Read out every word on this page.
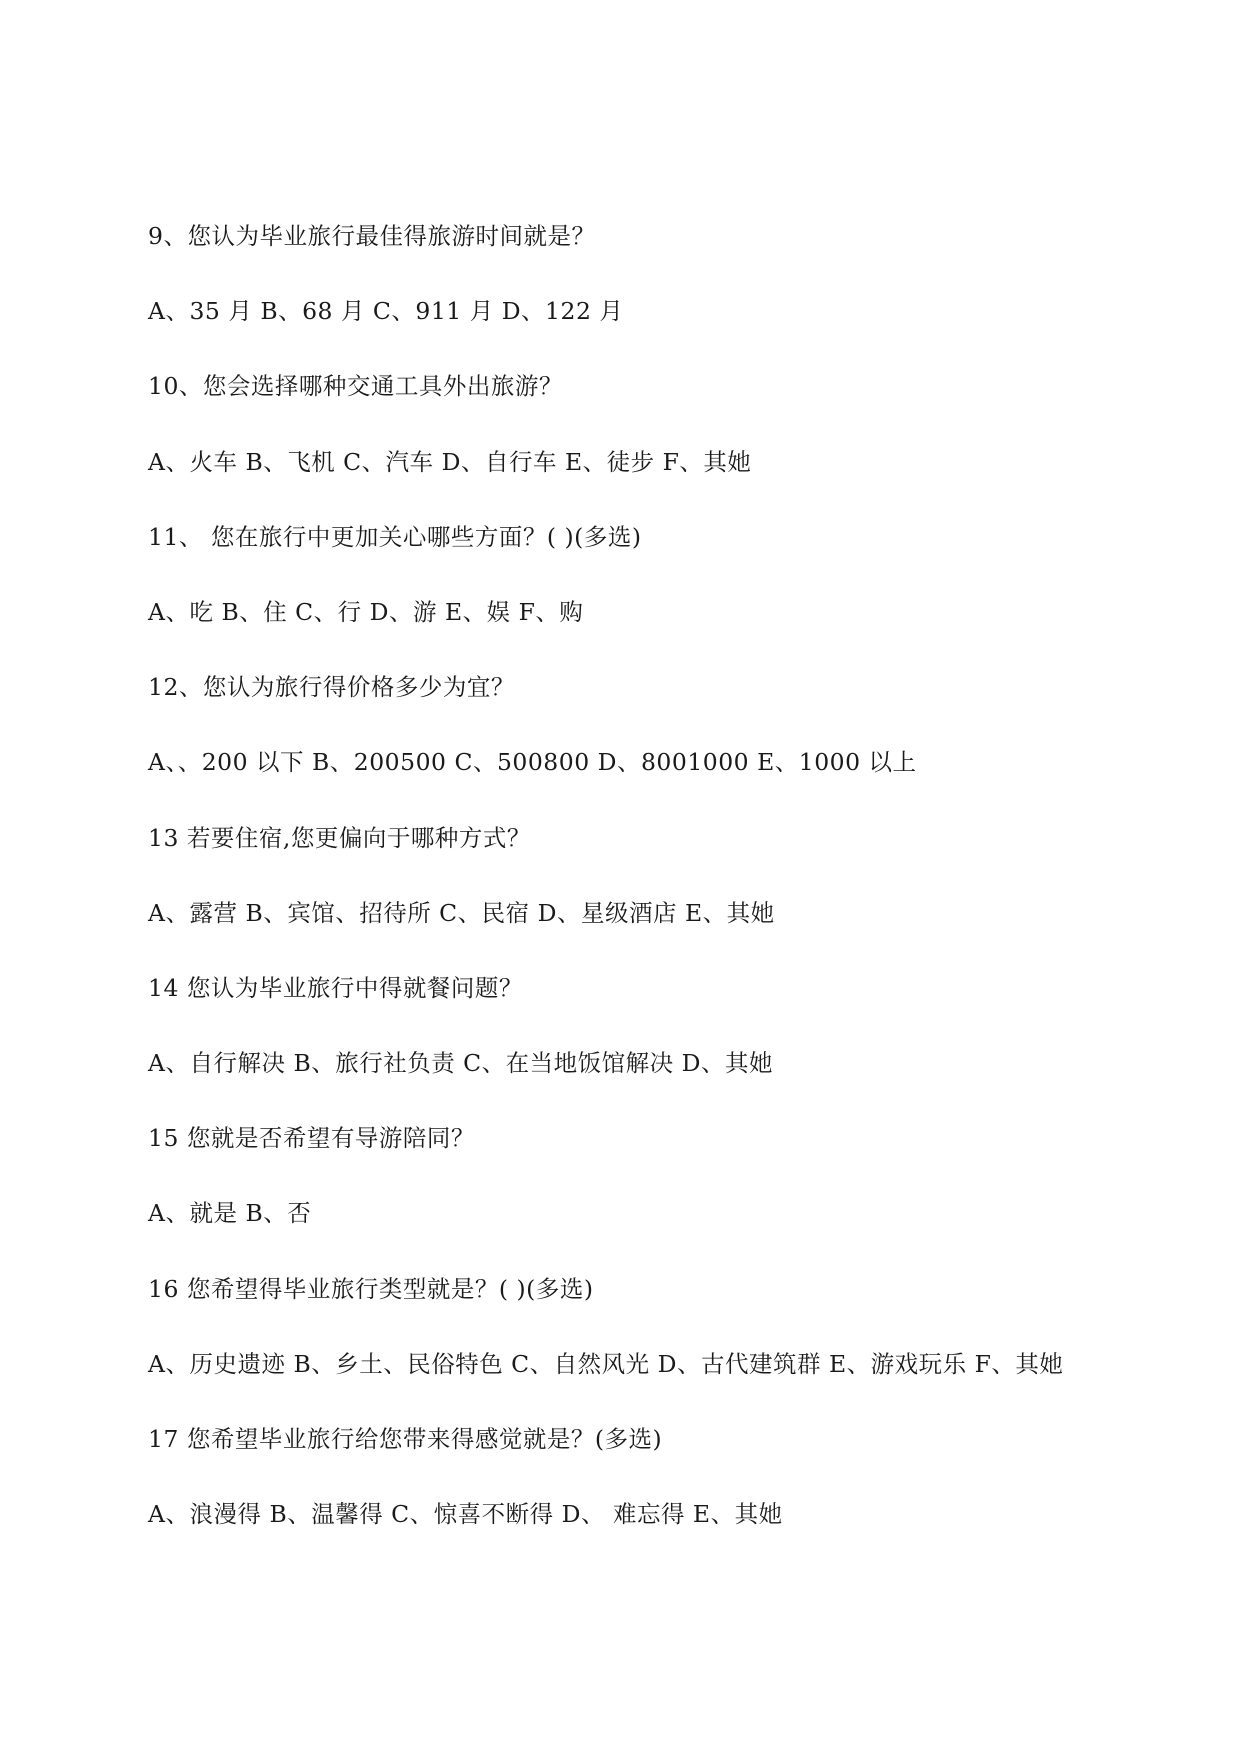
9、您认为毕业旅行最佳得旅游时间就是？
A、35 月 B、68 月 C、911 月 D、122 月
10、您会选择哪种交通工具外出旅游？
A、火车 B、飞机 C、汽车 D、自行车 E、徒步 F、其她
11、 您在旅行中更加关心哪些方面？( )(多选)
A、吃 B、住 C、行 D、游 E、娱 F、购
12、您认为旅行得价格多少为宜？
A、、200 以下 B、200500 C、500800 D、8001000 E、1000 以上
13 若要住宿,您更偏向于哪种方式？
A、露营 B、宾馆、招待所 C、民宿 D、星级酒店 E、其她
14 您认为毕业旅行中得就餐问题？
A、自行解决 B、旅行社负责 C、在当地饭馆解决 D、其她
15 您就是否希望有导游陪同？
A、就是 B、否
16 您希望得毕业旅行类型就是？( )(多选)
A、历史遗迹 B、乡土、民俗特色 C、自然风光 D、古代建筑群 E、游戏玩乐 F、其她
17 您希望毕业旅行给您带来得感觉就是？(多选)
A、浪漫得 B、温馨得 C、惊喜不断得 D、 难忘得 E、其她
